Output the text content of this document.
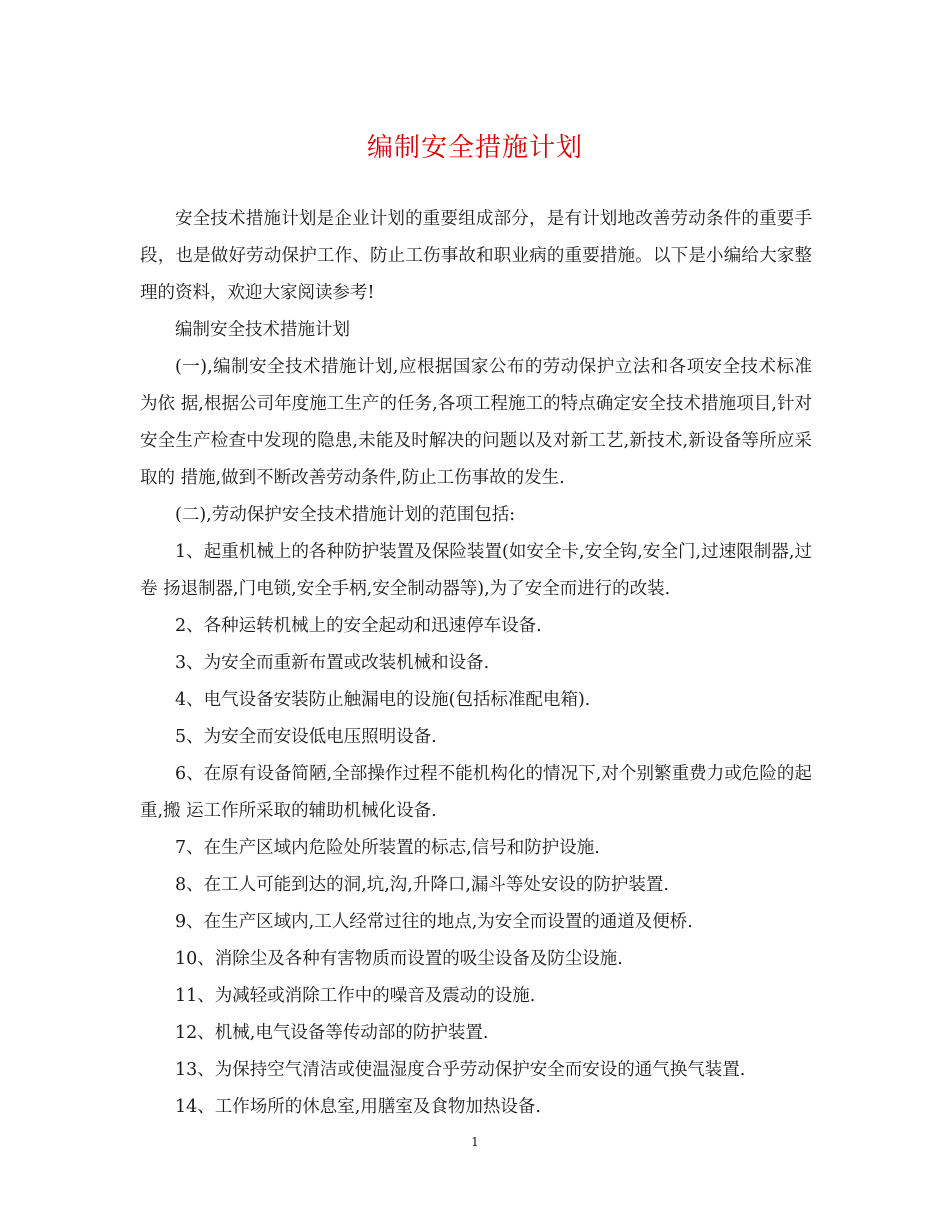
编制安全措施计划

安全技术措施计划是企业计划的重要组成部分，是有计划地改善劳动条件的重要手段，也是做好劳动保护工作、防止工伤事故和职业病的重要措施。以下是小编给大家整理的资料，欢迎大家阅读参考!

编制安全技术措施计划

(一),编制安全技术措施计划,应根据国家公布的劳动保护立法和各项安全技术标准为依 据,根据公司年度施工生产的任务,各项工程施工的特点确定安全技术措施项目,针对安全生产检查中发现的隐患,未能及时解决的问题以及对新工艺,新技术,新设备等所应采取的 措施,做到不断改善劳动条件,防止工伤事故的发生.

(二),劳动保护安全技术措施计划的范围包括:

1、起重机械上的各种防护装置及保险装置(如安全卡,安全钩,安全门,过速限制器,过卷 扬退制器,门电锁,安全手柄,安全制动器等),为了安全而进行的改装.

2、各种运转机械上的安全起动和迅速停车设备.

3、为安全而重新布置或改装机械和设备.

4、电气设备安装防止触漏电的设施(包括标准配电箱).

5、为安全而安设低电压照明设备.

6、在原有设备简陋,全部操作过程不能机构化的情况下,对个别繁重费力或危险的起重,搬 运工作所采取的辅助机械化设备.

7、在生产区域内危险处所装置的标志,信号和防护设施.

8、在工人可能到达的洞,坑,沟,升降口,漏斗等处安设的防护装置.

9、在生产区域内,工人经常过往的地点,为安全而设置的通道及便桥.

10、消除尘及各种有害物质而设置的吸尘设备及防尘设施.

11、为减轻或消除工作中的噪音及震动的设施.

12、机械,电气设备等传动部的防护装置.

13、为保持空气清洁或使温湿度合乎劳动保护安全而安设的通气换气装置.

14、工作场所的休息室,用膳室及食物加热设备.

1
